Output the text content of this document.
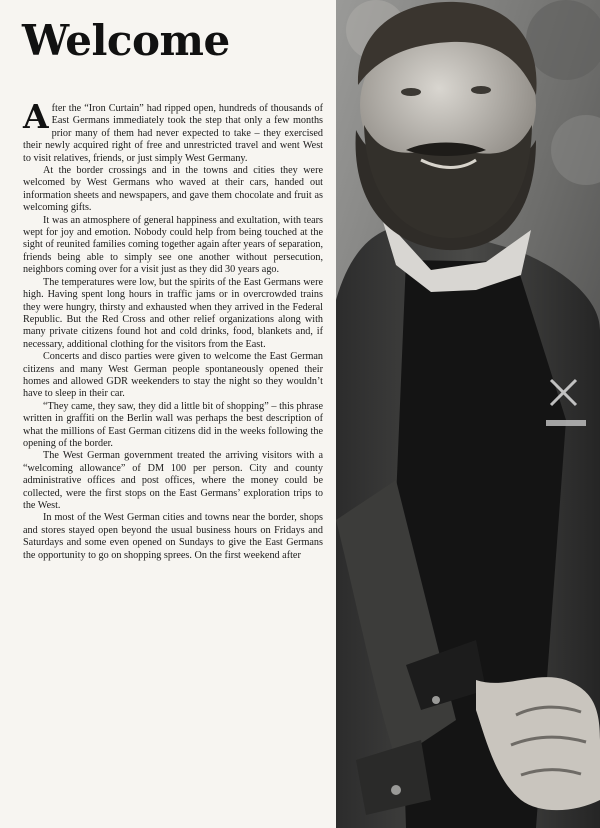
Welcome

After the “Iron Curtain” had ripped open, hundreds of thousands of East Germans immediately took the step that only a few months prior many of them had never expected to take – they exercised their newly acquired right of free and unrestricted travel and went West to visit relatives, friends, or just simply West Germany.

At the border crossings and in the towns and cities they were welcomed by West Germans who waved at their cars, handed out information sheets and newspapers, and gave them chocolate and fruit as welcoming gifts.

It was an atmosphere of general happiness and exultation, with tears wept for joy and emotion. Nobody could help from being touched at the sight of reunited families coming together again after years of separation, friends being able to simply see one another without persecution, neighbors coming over for a visit just as they did 30 years ago.

The temperatures were low, but the spirits of the East Germans were high. Having spent long hours in traffic jams or in overcrowded trains they were hungry, thirsty and exhausted when they arrived in the Federal Republic. But the Red Cross and other relief organizations along with many private citizens found hot and cold drinks, food, blankets and, if necessary, additional clothing for the visitors from the East.

Concerts and disco parties were given to welcome the East German citizens and many West German people spontaneously opened their homes and allowed GDR weekenders to stay the night so they wouldn’t have to sleep in their car.

“They came, they saw, they did a little bit of shopping” – this phrase written in graffiti on the Berlin wall was perhaps the best description of what the millions of East German citizens did in the weeks following the opening of the border.

The West German government treated the arriving visitors with a “welcoming allowance” of DM 100 per person. City and county administrative offices and post offices, where the money could be collected, were the first stops on the East Germans’ exploration trips to the West.

In most of the West German cities and towns near the border, shops and stores stayed open beyond the usual business hours on Fridays and Saturdays and some even opened on Sundays to give the East Germans the opportunity to go on shopping sprees. On the first weekend after
